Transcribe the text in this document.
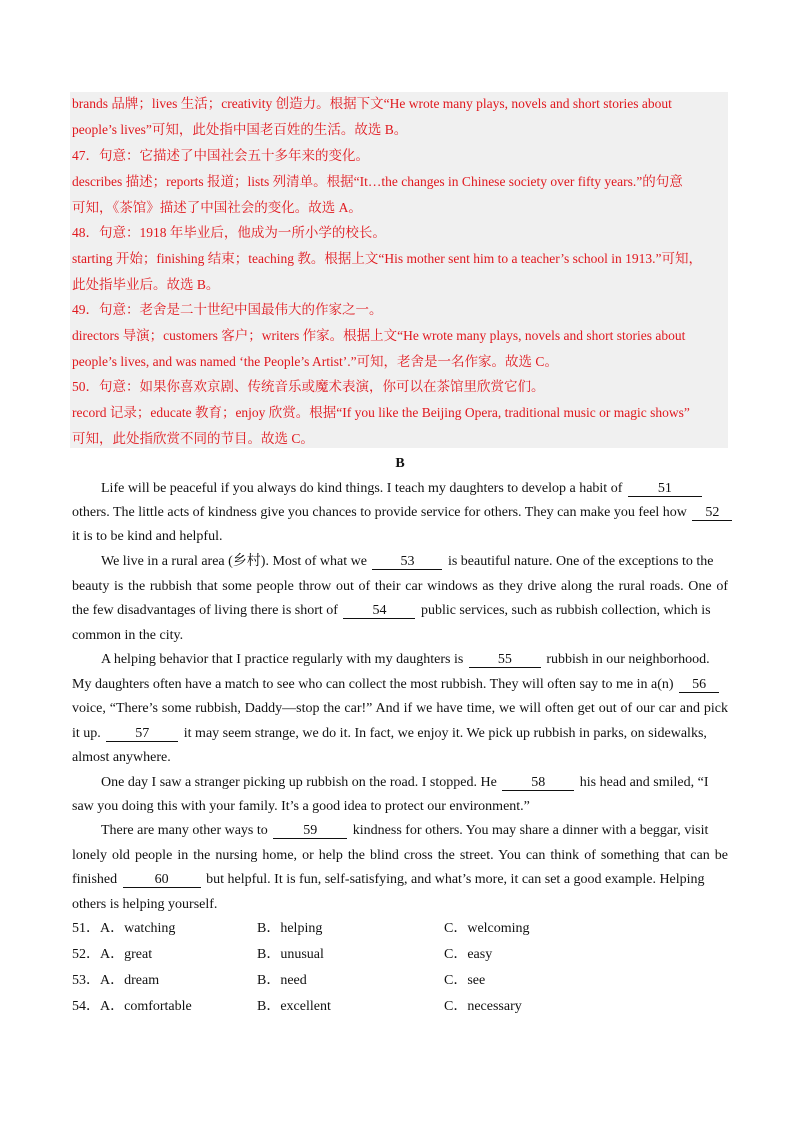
brands 品牌；lives 生活；creativity 创造力。根据下文“He wrote many plays, novels and short stories about
people’s lives”可知，此处指中国老百姓的生活。故选 B。
47．句意：它描述了中国社会五十多年来的变化。
describes 描述；reports 报道；lists 列清单。根据“It…the changes in Chinese society over fifty years.”的句意
可知，《茶馆》描述了中国社会的变化。故选 A。
48．句意：1918 年毕业后，他成为一所小学的校长。
starting 开始；finishing 结束；teaching 教。根据上文“His mother sent him to a teacher’s school in 1913.”可知，
此处指毕业后。故选 B。
49．句意：老舍是二十世纪中国最伟大的作家之一。
directors 导演；customers 客户；writers 作家。根据上文“He wrote many plays, novels and short stories about
people’s lives, and was named ‘the People’s Artist’.”可知，老舍是一名作家。故选 C。
50．句意：如果你喜欢京剧、传统音乐或魔术表演，你可以在茶馆里欣赏它们。
record 记录；educate 教育；enjoy 欣赏。根据“If you like the Beijing Opera, traditional music or magic shows”
可知，此处指欣赏不同的节目。故选 C。
B
Life will be peaceful if you always do kind things. I teach my daughters to develop a habit of	51
others. The little acts of kindness give you chances to provide service for others. They can make you feel how 52
it is to be kind and helpful.
We live in a rural area (乡村). Most of what we 53 is beautiful nature. One of the exceptions to the
beauty is the rubbish that some people throw out of their car windows as they drive along the rural roads. One of
the few disadvantages of living there is short of 54 public services, such as rubbish collection, which is
common in the city.
A helping behavior that I practice regularly with my daughters is 55 rubbish in our neighborhood.
My daughters often have a match to see who can collect the most rubbish. They will often say to me in a(n) 56
voice, “There’s some rubbish, Daddy—stop the car!” And if we have time, we will often get out of our car and pick
it up. 57 it may seem strange, we do it. In fact, we enjoy it. We pick up rubbish in parks, on sidewalks,
almost anywhere.
One day I saw a stranger picking up rubbish on the road. I stopped. He 58 his head and smiled, “I
saw you doing this with your family. It’s a good idea to protect our environment.”
There are many other ways to	59	kindness for others. You may share a dinner with a beggar, visit
lonely old people in the nursing home, or help the blind cross the street. You can think of something that can be
finished	60	but helpful. It is fun, self-satisfying, and what’s more, it can set a good example. Helping
others is helping yourself.
51． A．watching	B．helping	C．welcoming
52． A．great	B．unusual	C．easy
53． A．dream	B．need	C．see
54． A．comfortable	B．excellent	C．necessary
